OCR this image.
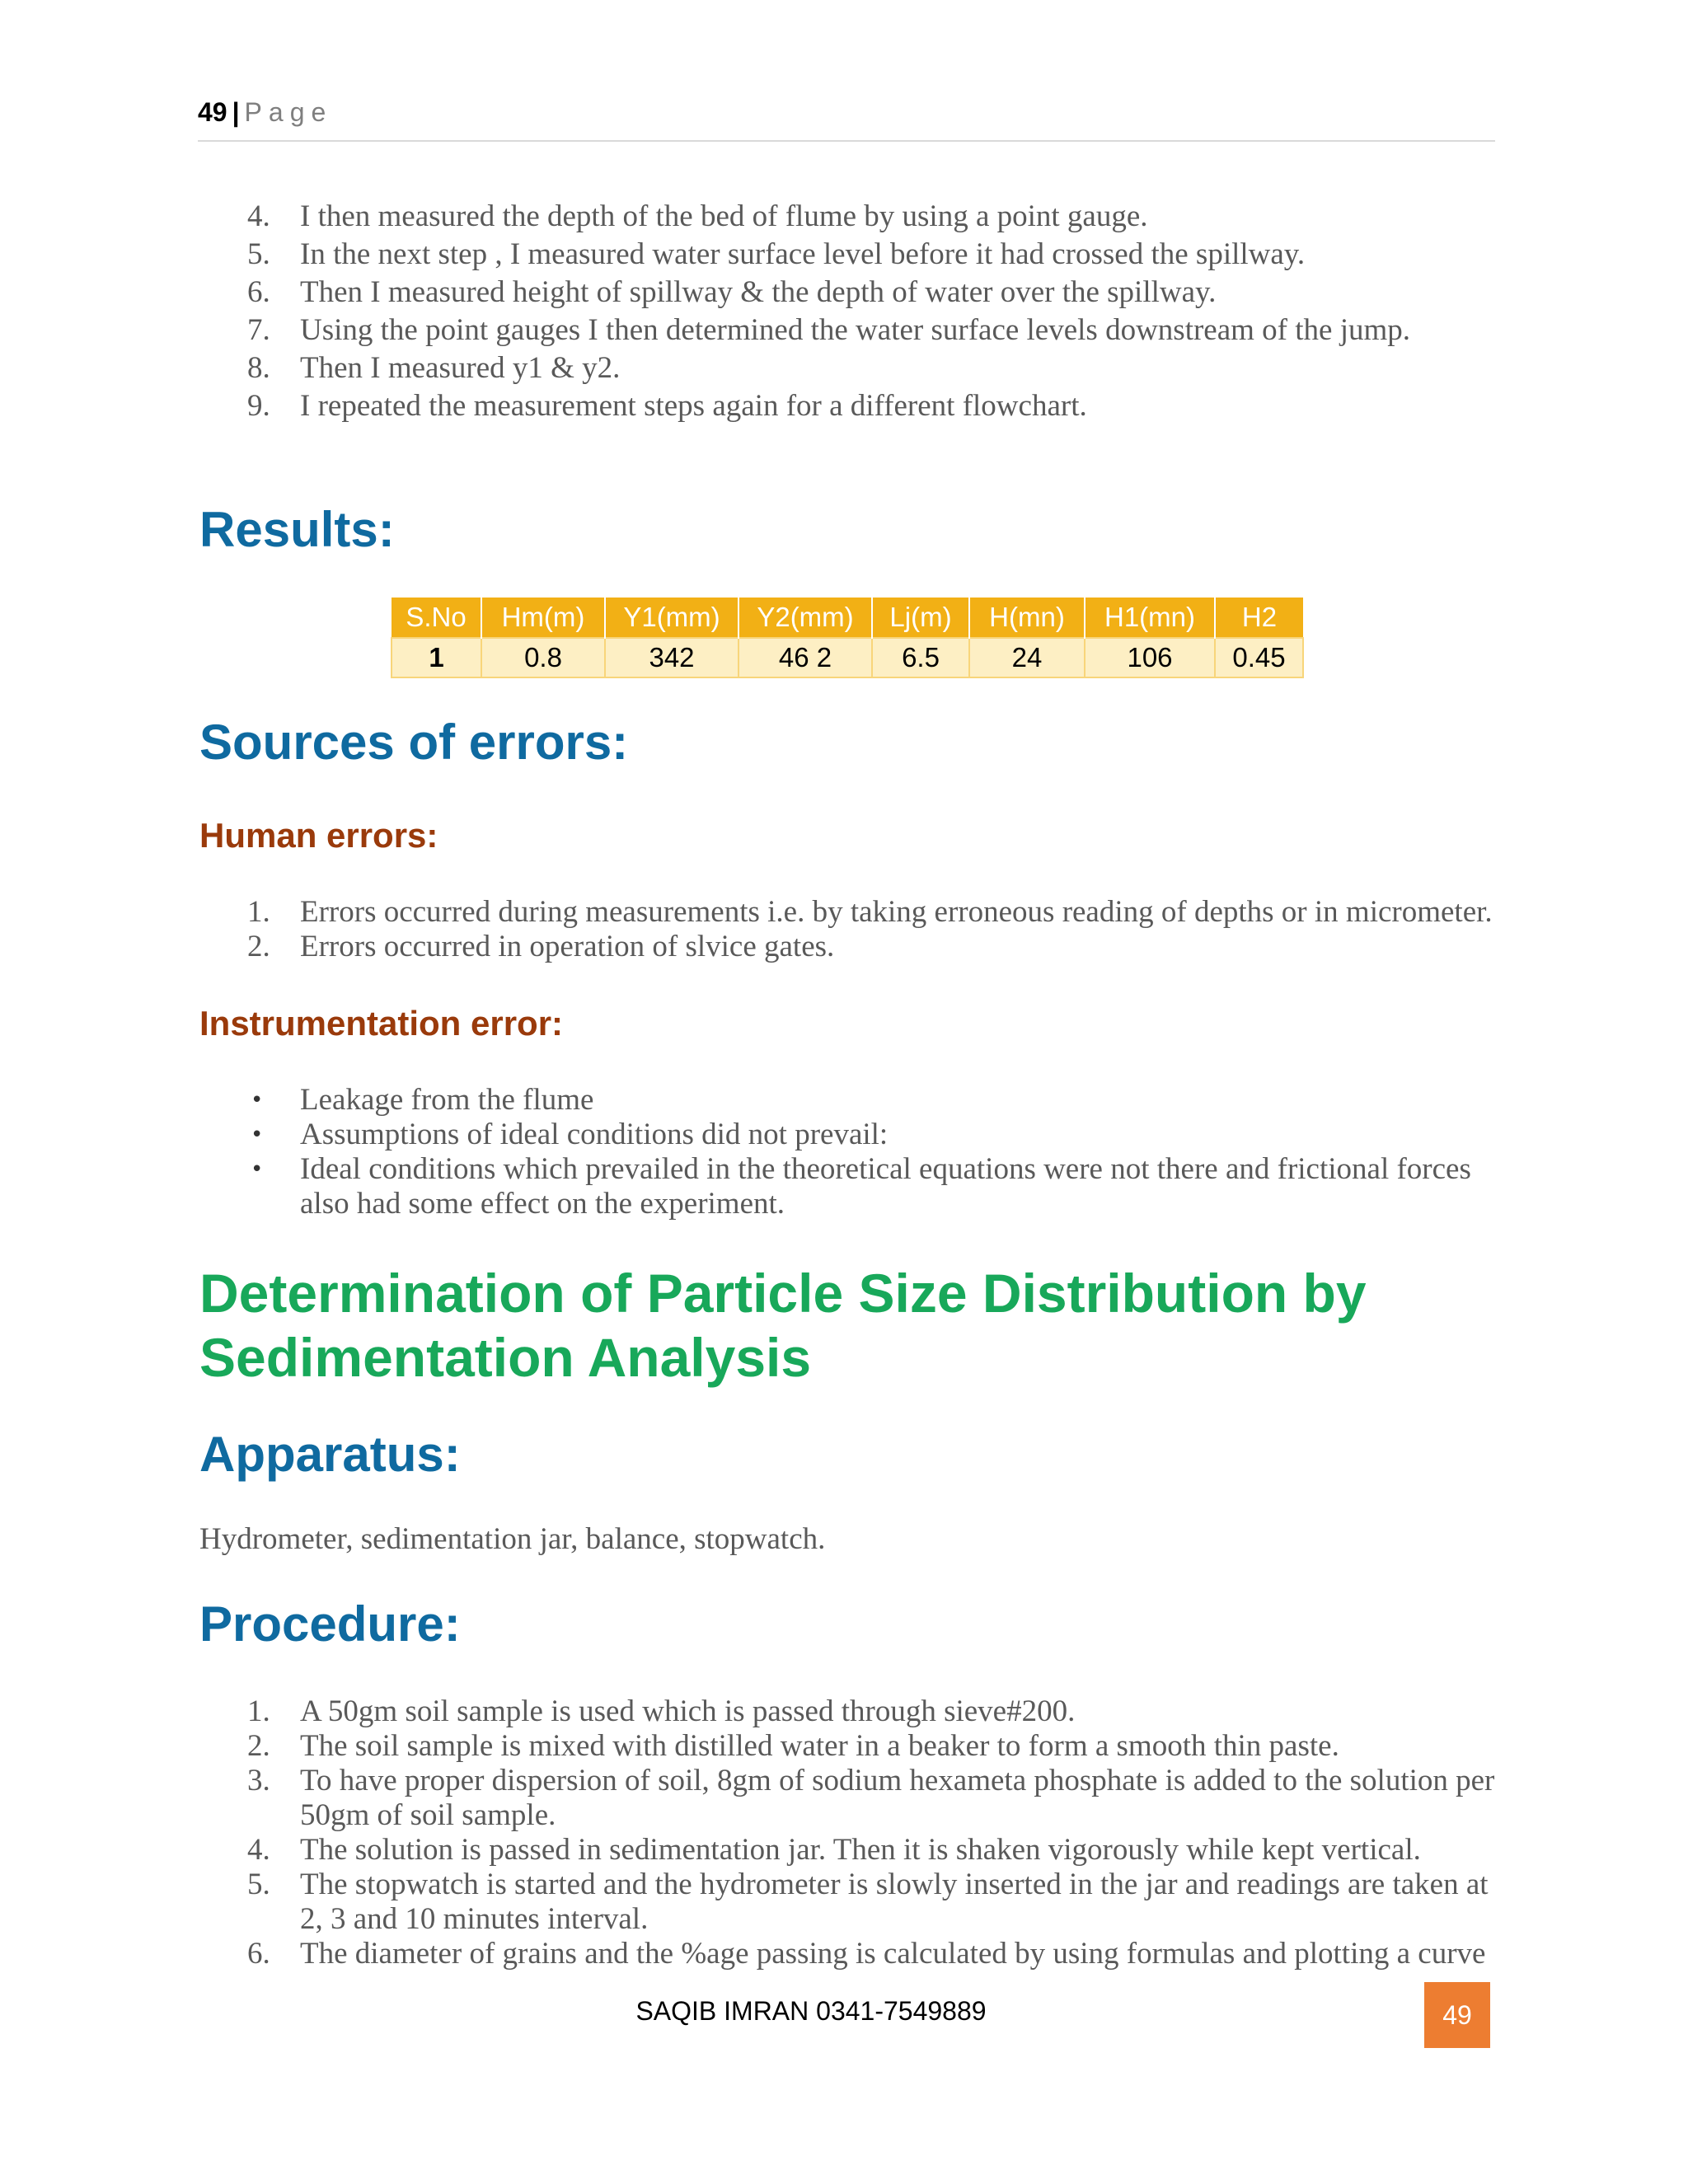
49 | Page
4. I then measured the depth of the bed of flume by using a point gauge.
5. In the next step , I measured water surface level before it had crossed the spillway.
6. Then I measured height of spillway & the depth of water over the spillway.
7. Using the point gauges I then determined the water surface levels downstream of the jump.
8. Then I measured y1 & y2.
9. I repeated the measurement steps again for a different flowchart.
Results:
S.No	Hm(m)	Y1(mm)	Y2(mm)	Lj(m)	H(mn)	H1(mn)	H2
1	0.8	342	46 2	6.5	24	106	0.45
Sources of errors:
Human errors:
1. Errors occurred during measurements i.e. by taking erroneous reading of depths or in micrometer.
2. Errors occurred in operation of slvice gates.
Instrumentation error:
• Leakage from the flume
• Assumptions of ideal conditions did not prevail:
• Ideal conditions which prevailed in the theoretical equations were not there and frictional forces also had some effect on the experiment.
Determination of Particle Size Distribution by Sedimentation Analysis
Apparatus:

Hydrometer, sedimentation jar, balance, stopwatch.

Procedure:
1. A 50gm soil sample is used which is passed through sieve#200.
2. The soil sample is mixed with distilled water in a beaker to form a smooth thin paste.
3. To have proper dispersion of soil, 8gm of sodium hexameta phosphate is added to the solution per 50gm of soil sample.
4. The solution is passed in sedimentation jar. Then it is shaken vigorously while kept vertical.
5. The stopwatch is started and the hydrometer is slowly inserted in the jar and readings are taken at 2, 3 and 10 minutes interval.
6. The diameter of grains and the %age passing is calculated by using formulas and plotting a curve
SAQIB IMRAN 0341-7549889	49
